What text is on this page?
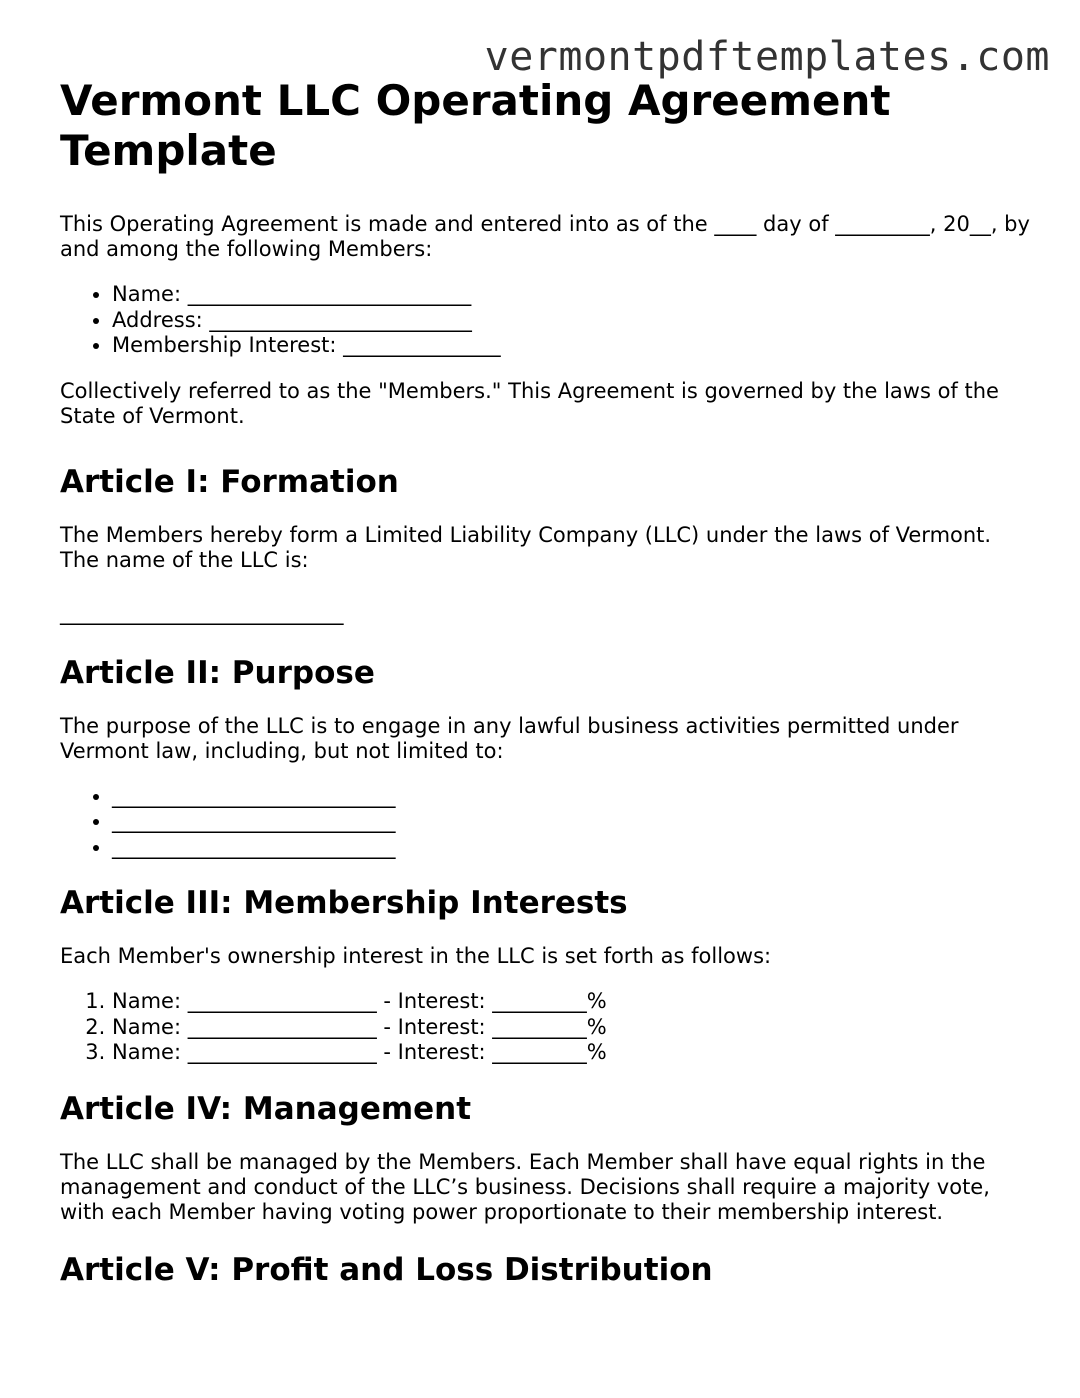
vermontpdftemplates.com
Vermont LLC Operating Agreement Template

This Operating Agreement is made and entered into as of the ____ day of _________, 20__, by and among the following Members:

• Name: ___________________________
• Address: _________________________
• Membership Interest: _______________

Collectively referred to as the "Members." This Agreement is governed by the laws of the State of Vermont.

Article I: Formation

The Members hereby form a Limited Liability Company (LLC) under the laws of Vermont. The name of the LLC is:

___________________________
Article II: Purpose

The purpose of the LLC is to engage in any lawful business activities permitted under Vermont law, including, but not limited to:

• ___________________________
• ___________________________
• ___________________________
Article III: Membership Interests

Each Member's ownership interest in the LLC is set forth as follows:

1. Name: __________________ - Interest: _________%
2. Name: __________________ - Interest: _________%
3. Name: __________________ - Interest: _________%
Article IV: Management

The LLC shall be managed by the Members. Each Member shall have equal rights in the management and conduct of the LLC’s business. Decisions shall require a majority vote, with each Member having voting power proportionate to their membership interest.

Article V: Profit and Loss Distribution
